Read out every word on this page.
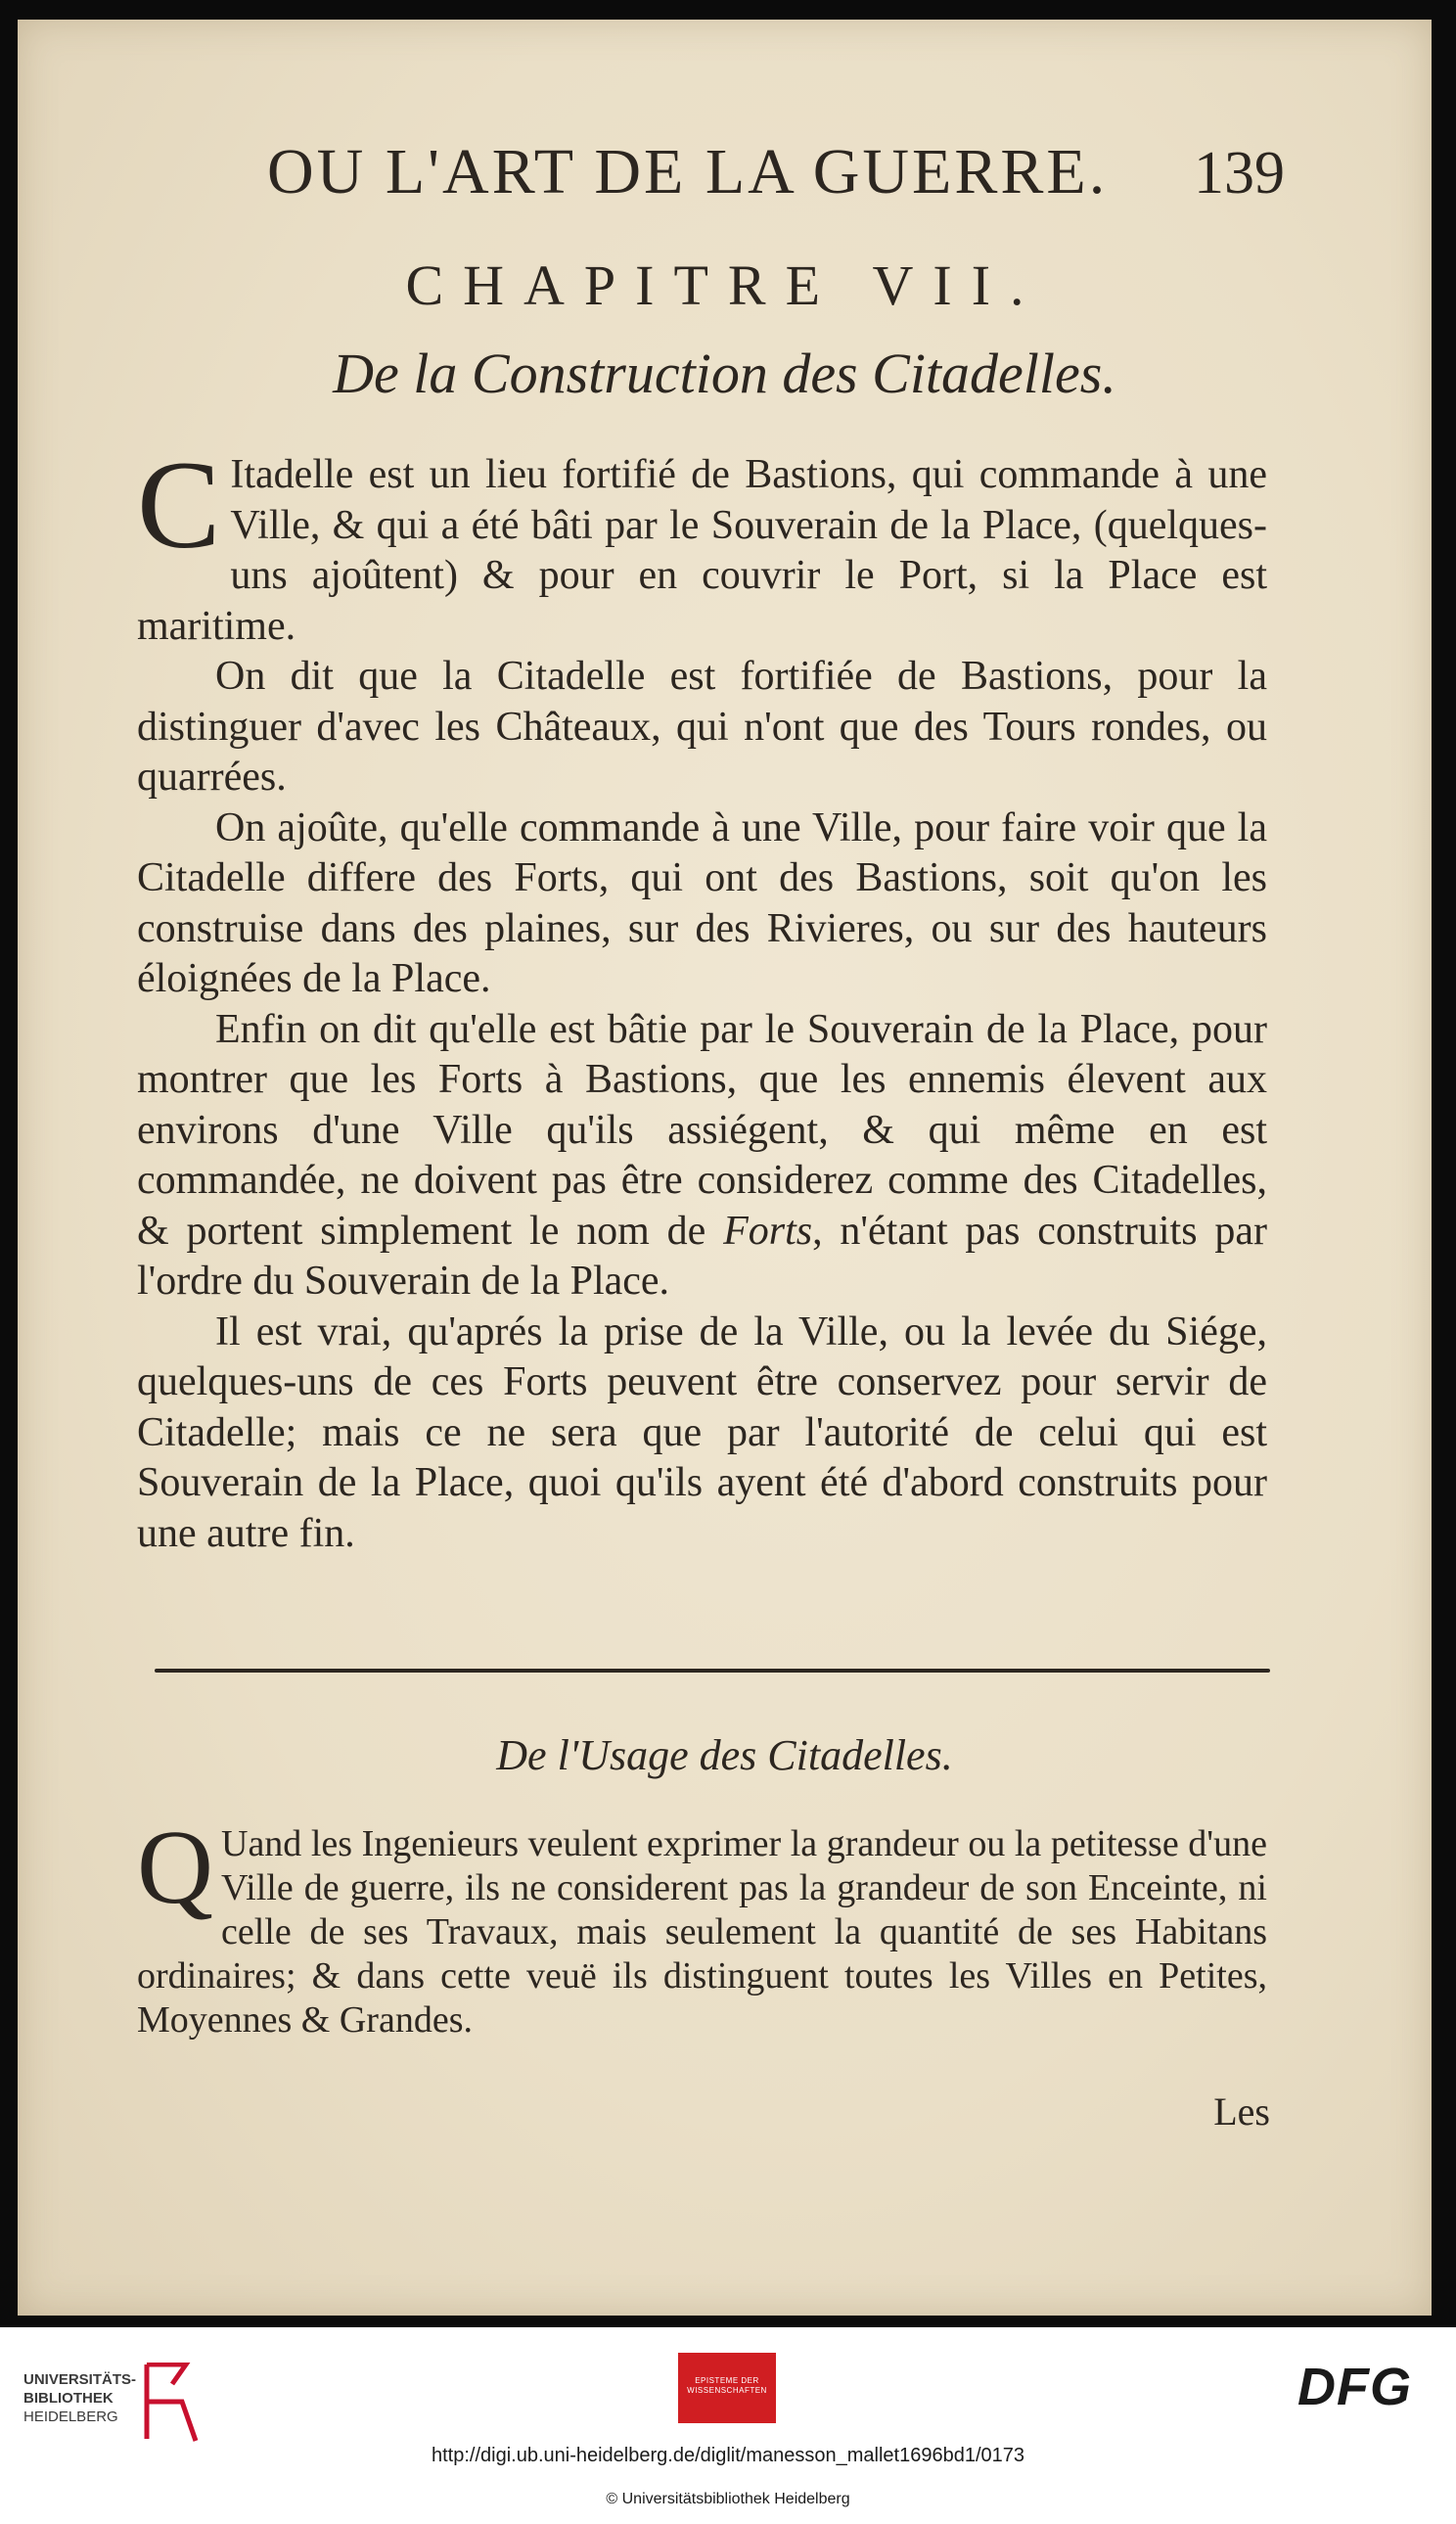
OU L'ART DE LA GUERRE. 139
CHAPITRE VII.
De la Construction des Citadelles.

C Itadelle est un lieu fortifié de Bastions, qui commande à une Ville, & qui a été bâti par le Souverain de la Place, (quelques-uns ajoûtent) & pour en couvrir le Port, si la Place est maritime.

On dit que la Citadelle est fortifiée de Bastions, pour la distinguer d'avec les Châteaux, qui n'ont que des Tours rondes, ou quarrées.

On ajoûte, qu'elle commande à une Ville, pour faire voir que la Citadelle differe des Forts, qui ont des Bastions, soit qu'on les construise dans des plaines, sur des Rivieres, ou sur des hauteurs éloignées de la Place.

Enfin on dit qu'elle est bâtie par le Souverain de la Place, pour montrer que les Forts à Bastions, que les ennemis élevent aux environs d'une Ville qu'ils assiégent, & qui même en est commandée, ne doivent pas être considerez comme des Citadelles, & portent simplement le nom de Forts, n'étant pas construits par l'ordre du Souverain de la Place.

Il est vrai, qu'aprés la prise de la Ville, ou la levée du Siége, quelques-uns de ces Forts peuvent être conservez pour servir de Citadelle; mais ce ne sera que par l'autorité de celui qui est Souverain de la Place, quoi qu'ils ayent été d'abord construits pour une autre fin.

De l'Usage des Citadelles.

Q Uand les Ingenieurs veulent exprimer la grandeur ou la petitesse d'une Ville de guerre, ils ne considerent pas la grandeur de son Enceinte, ni celle de ses Travaux, mais seulement la quantité de ses Habitans ordinaires; & dans cette veuë ils distinguent toutes les Villes en Petites, Moyennes & Grandes.

Les
UNIVERSITÄTS-
BIBLIOTHEK
HEIDELBERG
EPISTEME DER WISSENSCHAFTEN	DFG
http://digi.ub.uni-heidelberg.de/diglit/manesson_mallet1696bd1/0173
© Universitätsbibliothek Heidelberg
